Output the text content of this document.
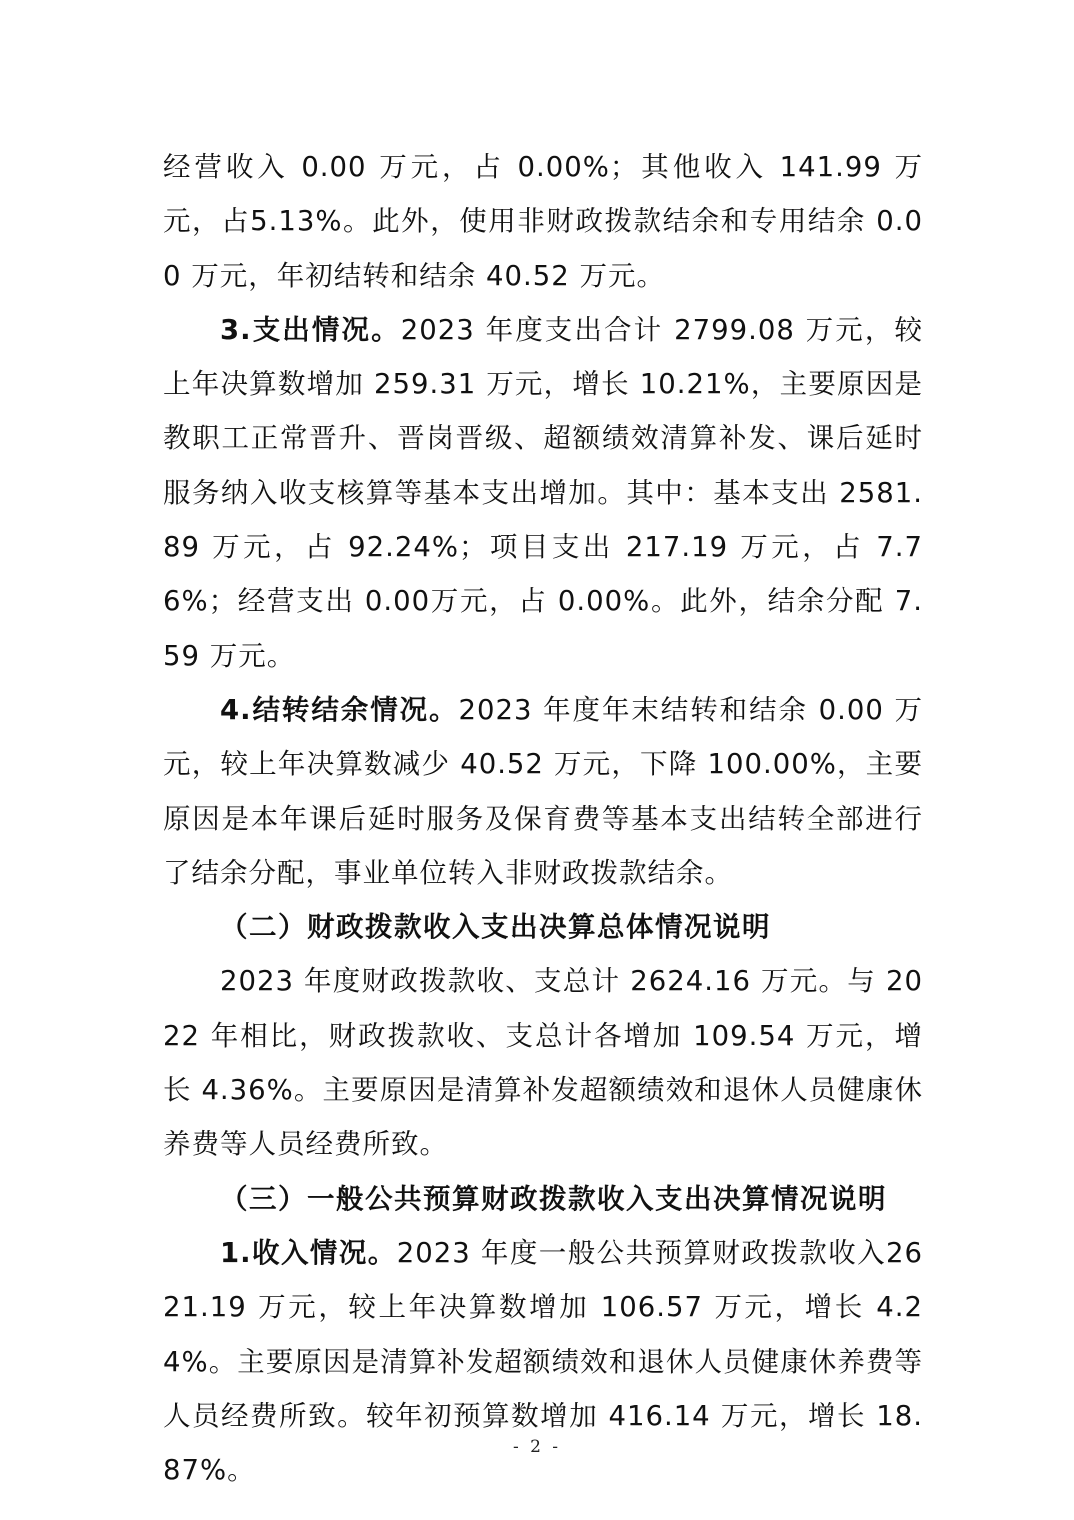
经营收入 0.00 万元，占 0.00%；其他收入 141.99 万元，占5.13%。此外，使用非财政拨款结余和专用结余 0.00 万元，年初结转和结余 40.52 万元。

3.支出情况。2023 年度支出合计 2799.08 万元，较上年决算数增加 259.31 万元，增长 10.21%，主要原因是教职工正常晋升、晋岗晋级、超额绩效清算补发、课后延时服务纳入收支核算等基本支出增加。其中：基本支出 2581.89 万元，占 92.24%；项目支出 217.19 万元，占 7.76%；经营支出 0.00万元，占 0.00%。此外，结余分配 7.59 万元。

4.结转结余情况。2023 年度年末结转和结余 0.00 万元，较上年决算数减少 40.52 万元，下降 100.00%，主要原因是本年课后延时服务及保育费等基本支出结转全部进行了结余分配，事业单位转入非财政拨款结余。

（二）财政拨款收入支出决算总体情况说明

2023 年度财政拨款收、支总计 2624.16 万元。与 2022 年相比，财政拨款收、支总计各增加 109.54 万元，增长 4.36%。主要原因是清算补发超额绩效和退休人员健康休养费等人员经费所致。

（三）一般公共预算财政拨款收入支出决算情况说明

1.收入情况。2023 年度一般公共预算财政拨款收入2621.19 万元，较上年决算数增加 106.57 万元，增长 4.24%。主要原因是清算补发超额绩效和退休人员健康休养费等人员经费所致。较年初预算数增加 416.14 万元，增长 18.87%。

- 2 -
